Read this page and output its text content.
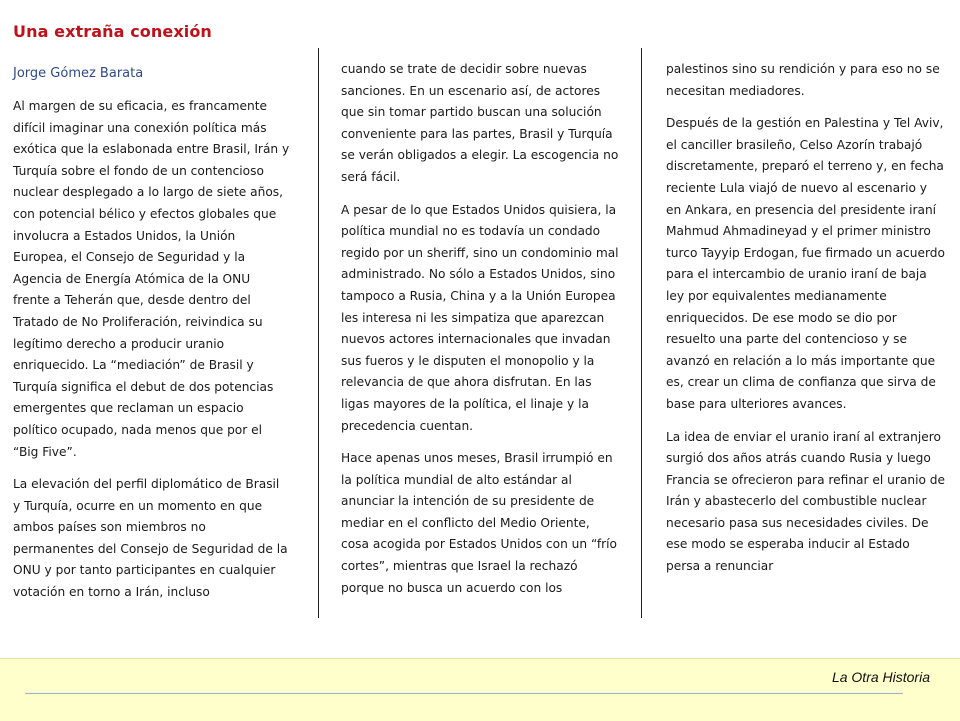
Una extraña conexión
Jorge Gómez Barata

Al margen de su eficacia, es francamente difícil imaginar una conexión política más exótica que la eslabonada entre Brasil, Irán y Turquía sobre el fondo de un contencioso nuclear desplegado a lo largo de siete años, con potencial bélico y efectos globales que involucra a Estados Unidos, la Unión Europea, el Consejo de Seguridad y la Agencia de Energía Atómica de la ONU frente a Teherán que, desde dentro del Tratado de No Proliferación, reivindica su legítimo derecho a producir uranio enriquecido. La “mediación” de Brasil y Turquía significa el debut de dos potencias emergentes que reclaman un espacio político ocupado, nada menos que por el “Big Five”.

La elevación del perfil diplomático de Brasil y Turquía, ocurre en un momento en que ambos países son miembros no permanentes del Consejo de Seguridad de la ONU y por tanto participantes en cualquier votación en torno a Irán, incluso

cuando se trate de decidir sobre nuevas sanciones. En un escenario así, de actores que sin tomar partido buscan una solución conveniente para las partes, Brasil y Turquía se verán obligados a elegir. La escogencia no será fácil.

A pesar de lo que Estados Unidos quisiera, la política mundial no es todavía un condado regido por un sheriff, sino un condominio mal administrado. No sólo a Estados Unidos, sino tampoco a Rusia, China y a la Unión Europea les interesa ni les simpatiza que aparezcan nuevos actores internacionales que invadan sus fueros y le disputen el monopolio y la relevancia de que ahora disfrutan. En las ligas mayores de la política, el linaje y la precedencia cuentan.

Hace apenas unos meses, Brasil irrumpió en la política mundial de alto estándar al anunciar la intención de su presidente de mediar en el conflicto del Medio Oriente, cosa acogida por Estados Unidos con un “frío cortes”, mientras que Israel la rechazó porque no busca un acuerdo con los

palestinos sino su rendición y para eso no se necesitan mediadores.

Después de la gestión en Palestina y Tel Aviv, el canciller brasileño, Celso Azorín trabajó discretamente, preparó el terreno y, en fecha reciente Lula viajó de nuevo al escenario y en Ankara, en presencia del presidente iraní Mahmud Ahmadineyad y el primer ministro turco Tayyip Erdogan, fue firmado un acuerdo para el intercambio de uranio iraní de baja ley por equivalentes medianamente enriquecidos. De ese modo se dio por resuelto una parte del contencioso y se avanzó en relación a lo más importante que es, crear un clima de confianza que sirva de base para ulteriores avances.

La idea de enviar el uranio iraní al extranjero surgió dos años atrás cuando Rusia y luego Francia se ofrecieron para refinar el uranio de Irán y abastecerlo del combustible nuclear necesario pasa sus necesidades civiles. De ese modo se esperaba inducir al Estado persa a renunciar

La Otra Historia
